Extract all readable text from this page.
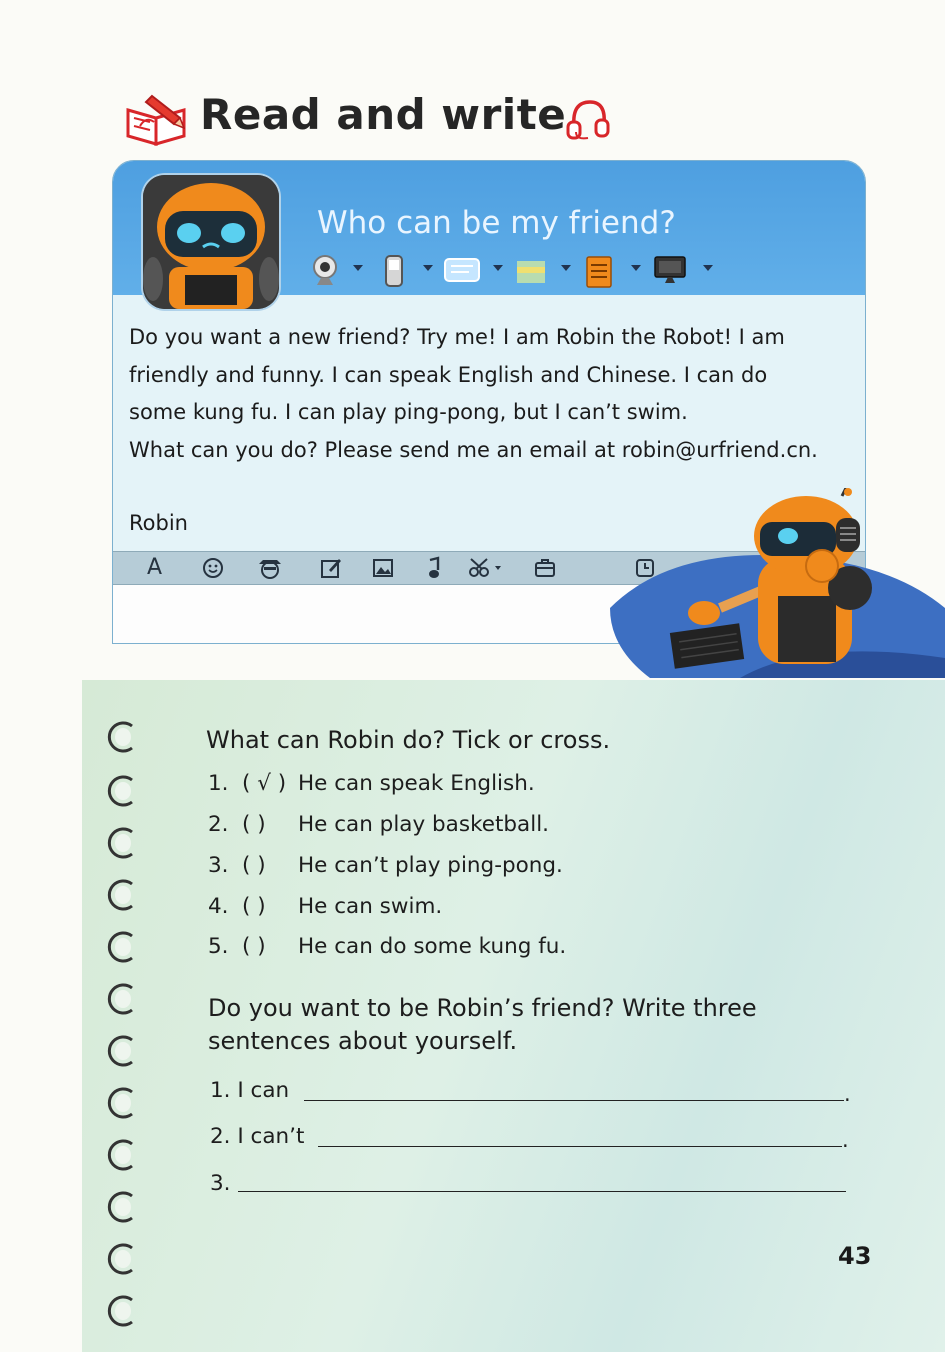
Read and write
Who can be my friend?

Do you want a new friend? Try me! I am Robin the Robot! I am

friendly and funny. I can speak English and Chinese. I can do

some kung fu. I can play ping-pong, but I can’t swim.

What can you do? Please send me an email at robin@urfriend.cn.

Robin
A
What can Robin do? Tick or cross.
1. ( √ ) He can speak English.
2. ( ) He can play basketball.
3. ( ) He can’t play ping-pong.
4. ( ) He can swim.
5. ( ) He can do some kung fu.
Do you want to be Robin’s friend? Write three
sentences about yourself.
1. I can	.
2. I can’t	.
3.
43
